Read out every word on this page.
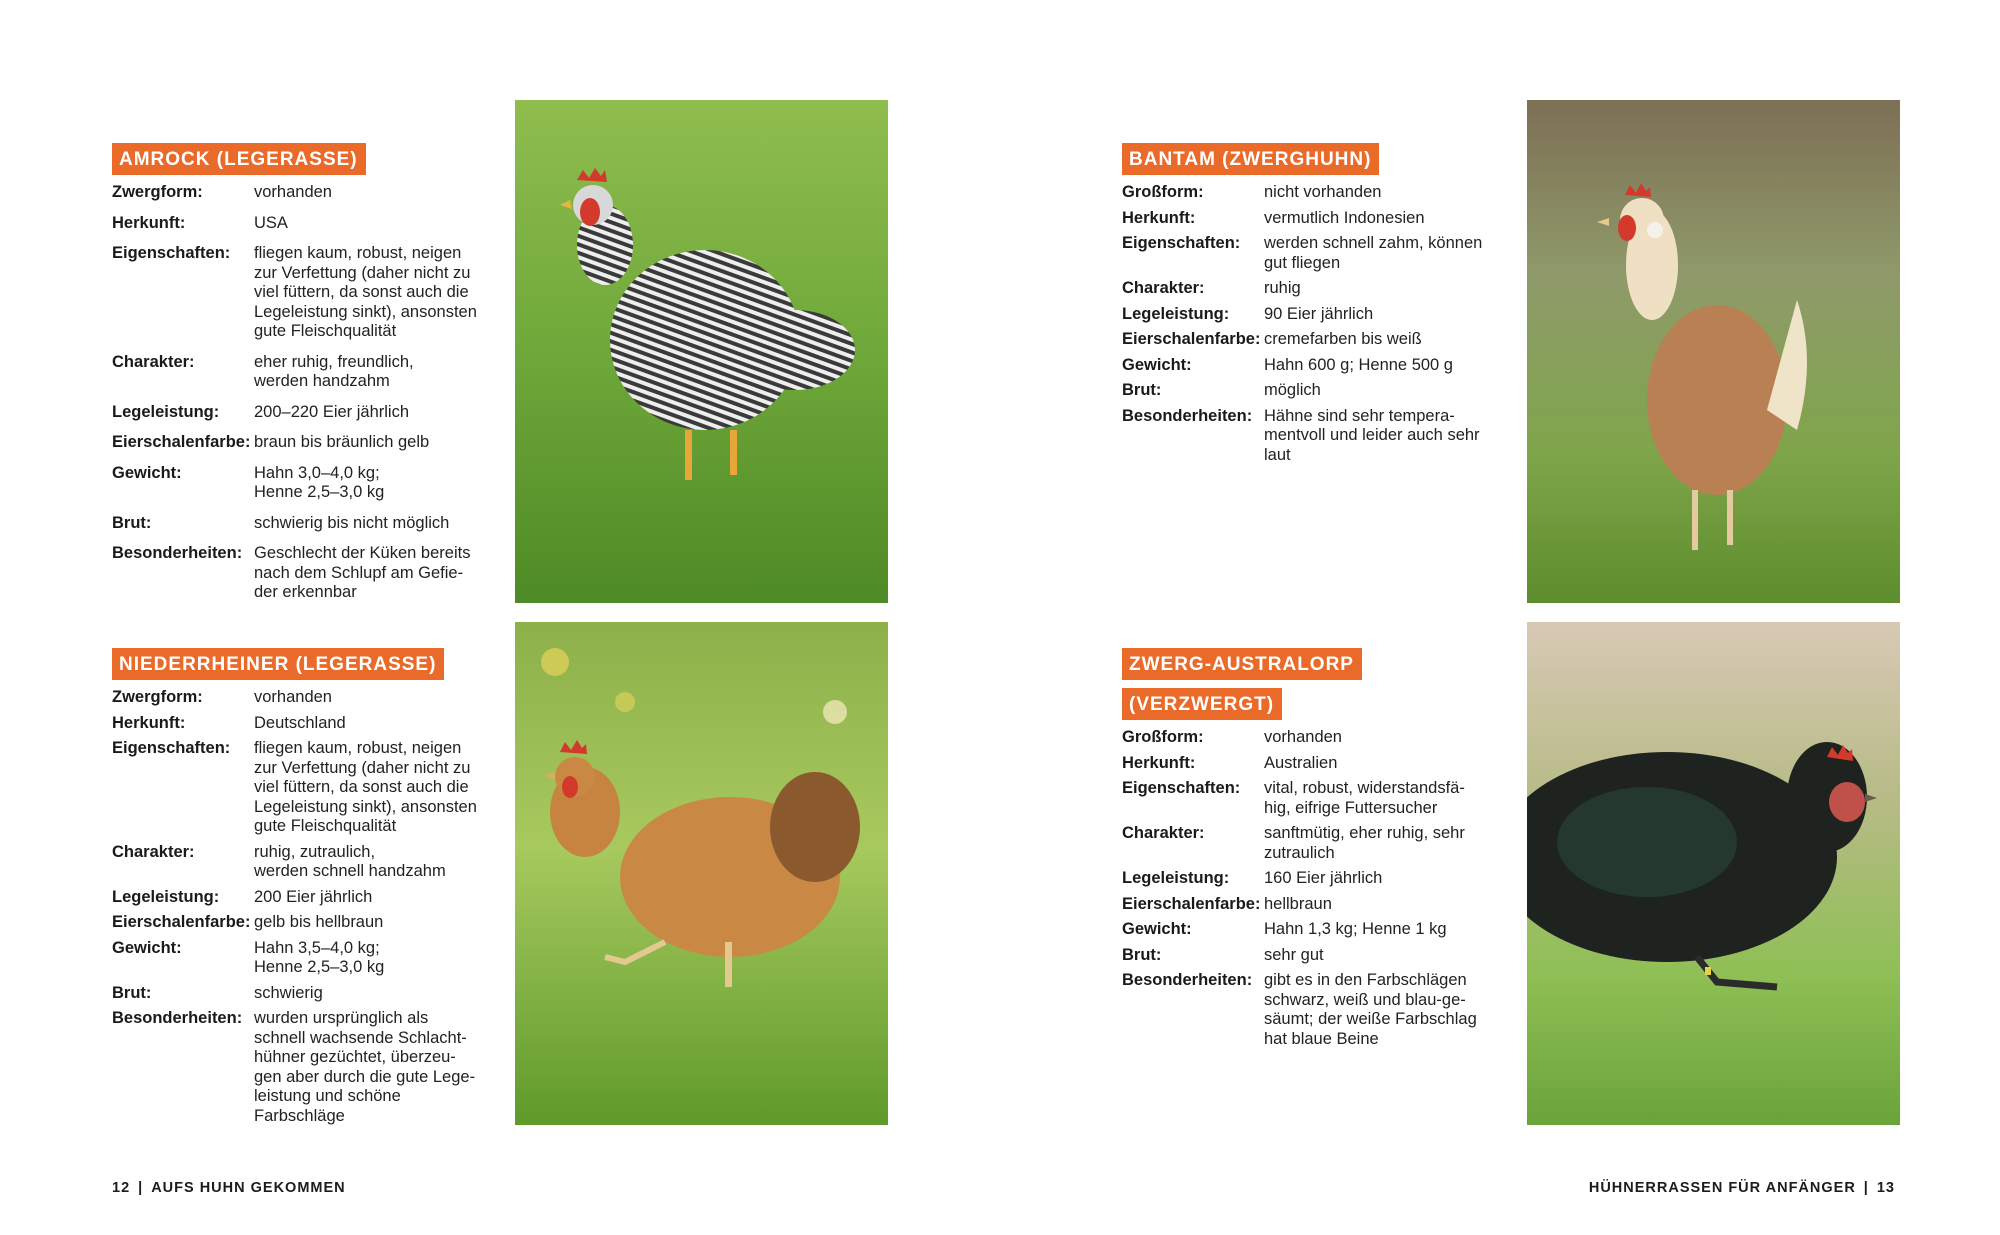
AMROCK (LEGERASSE)
Zwergform:	vorhanden
Herkunft:	USA
Eigenschaften:	fliegen kaum, robust, neigen
zur Verfettung (daher nicht zu
viel füttern, da sonst auch die
Legeleistung sinkt), ansonsten
gute Fleischqualität
Charakter:	eher ruhig, freundlich,
werden handzahm
Legeleistung:	200–220 Eier jährlich
Eierschalenfarbe: braun bis bräunlich gelb
Gewicht:	Hahn 3,0–4,0 kg;
Henne 2,5–3,0 kg
Brut:	schwierig bis nicht möglich
Besonderheiten: Geschlecht der Küken bereits
nach dem Schlupf am Gefie-
der erkennbar
NIEDERRHEINER (LEGERASSE)
Zwergform:	vorhanden
Herkunft:	Deutschland
Eigenschaften:	fliegen kaum, robust, neigen
zur Verfettung (daher nicht zu
viel füttern, da sonst auch die
Legeleistung sinkt), ansonsten
gute Fleischqualität
Charakter:	ruhig, zutraulich,
werden schnell handzahm
Legeleistung:	200 Eier jährlich
Eierschalenfarbe: gelb bis hellbraun
Gewicht:	Hahn 3,5–4,0 kg;
Henne 2,5–3,0 kg
Brut:	schwierig
Besonderheiten: wurden ursprünglich als
schnell wachsende Schlacht-
hühner gezüchtet, überzeu-
gen aber durch die gute Lege-
leistung und schöne
Farbschläge
12 | AUFS HUHN GEKOMMEN
BANTAM (ZWERGHUHN)
Großform:	nicht vorhanden
Herkunft:	vermutlich Indonesien
Eigenschaften:	werden schnell zahm, können
gut fliegen
Charakter:	ruhig
Legeleistung:	90 Eier jährlich
Eierschalenfarbe: cremefarben bis weiß
Gewicht:	Hahn 600 g; Henne 500 g
Brut:	möglich
Besonderheiten: Hähne sind sehr tempera-
mentvoll und leider auch sehr
laut
ZWERG-AUSTRALORP
(VERZWERGT)
Großform:	vorhanden
Herkunft:	Australien
Eigenschaften:	vital, robust, widerstandsfä-
hig, eifrige Futtersucher
Charakter:	sanftmütig, eher ruhig, sehr
zutraulich
Legeleistung:	160 Eier jährlich
Eierschalenfarbe: hellbraun
Gewicht:	Hahn 1,3 kg; Henne 1 kg
Brut:	sehr gut
Besonderheiten: gibt es in den Farbschlägen
schwarz, weiß und blau-ge-
säumt; der weiße Farbschlag
hat blaue Beine
HÜHNERRASSEN FÜR ANFÄNGER | 13
